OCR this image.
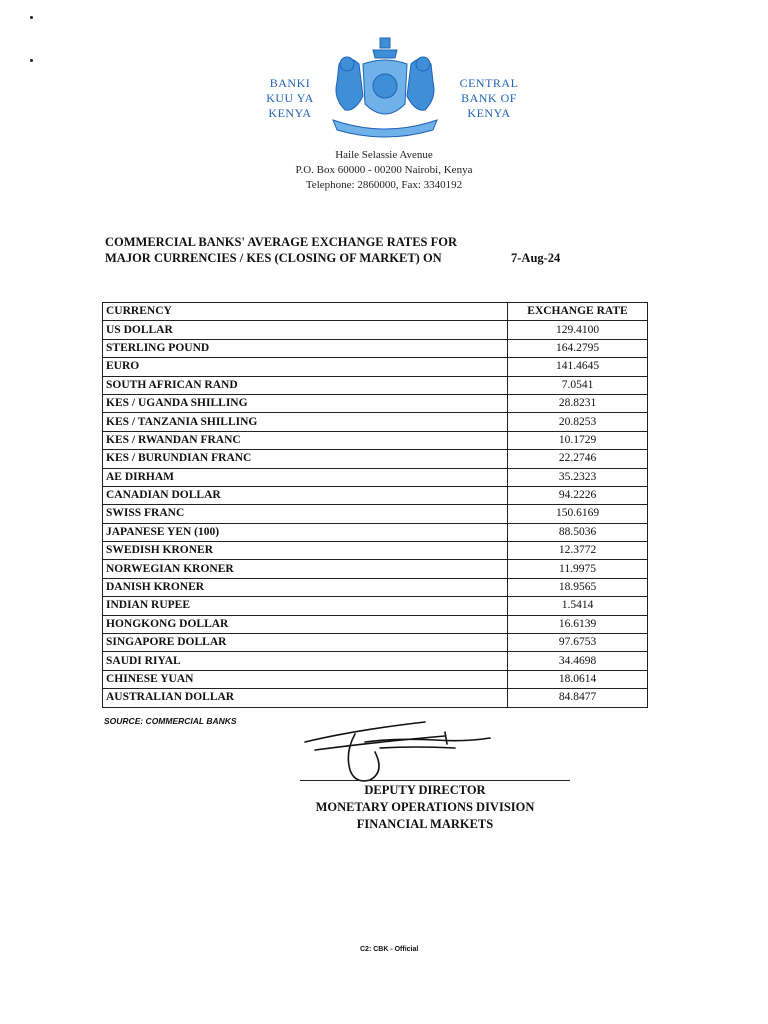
BANKI
KUU YA
KENYA
CENTRAL
BANK OF
KENYA
Haile Selassie Avenue
P.O. Box 60000 - 00200 Nairobi, Kenya
Telephone: 2860000, Fax: 3340192
COMMERCIAL BANKS' AVERAGE EXCHANGE RATES FOR
MAJOR CURRENCIES / KES (CLOSING OF MARKET) ON	7-Aug-24
CURRENCY	EXCHANGE RATE
US DOLLAR	129.4100
STERLING POUND	164.2795
EURO	141.4645
SOUTH AFRICAN RAND	7.0541
KES / UGANDA SHILLING	28.8231
KES / TANZANIA SHILLING	20.8253
KES / RWANDAN FRANC	10.1729
KES / BURUNDIAN FRANC	22.2746
AE DIRHAM	35.2323
CANADIAN DOLLAR	94.2226
SWISS FRANC	150.6169
JAPANESE YEN (100)	88.5036
SWEDISH KRONER	12.3772
NORWEGIAN KRONER	11.9975
DANISH KRONER	18.9565
INDIAN RUPEE	1.5414
HONGKONG DOLLAR	16.6139
SINGAPORE DOLLAR	97.6753
SAUDI RIYAL	34.4698
CHINESE YUAN	18.0614
AUSTRALIAN DOLLAR	84.8477
SOURCE: COMMERCIAL BANKS
DEPUTY DIRECTOR
MONETARY OPERATIONS DIVISION
FINANCIAL MARKETS
C2: CBK - Official
